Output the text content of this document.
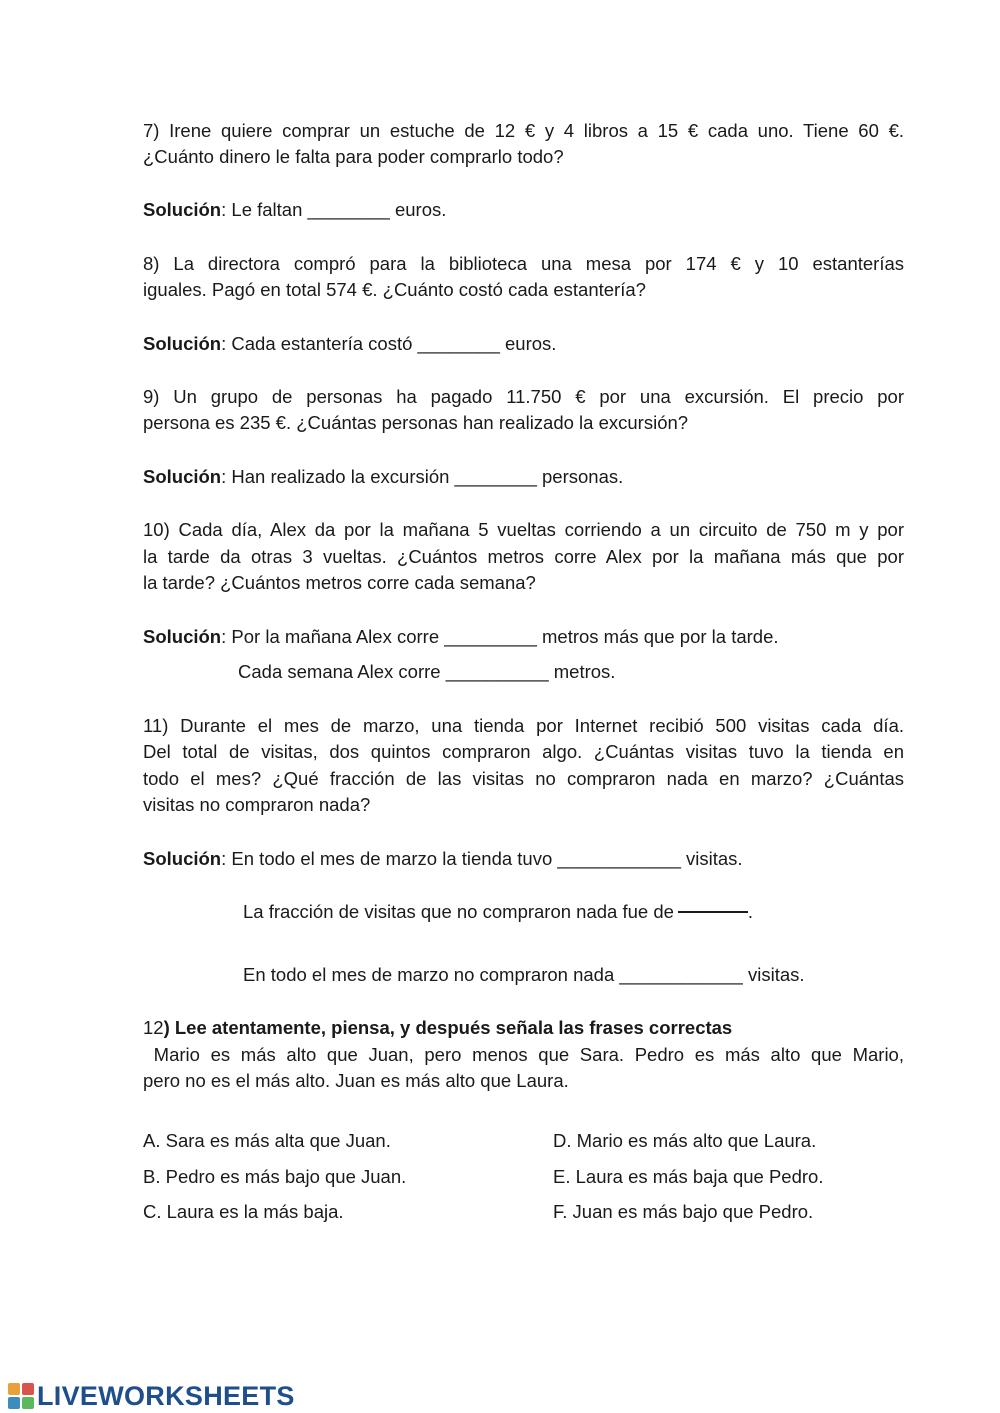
7) Irene quiere comprar un estuche de 12 € y 4 libros a 15 € cada uno. Tiene 60 €.
¿Cuánto dinero le falta para poder comprarlo todo?
Solución: Le faltan ________ euros.
8) La directora compró para la biblioteca una mesa por 174 € y 10 estanterías
iguales. Pagó en total 574 €. ¿Cuánto costó cada estantería?
Solución: Cada estantería costó ________ euros.
9) Un grupo de personas ha pagado 11.750 € por una excursión. El precio por
persona es 235 €. ¿Cuántas personas han realizado la excursión?
Solución: Han realizado la excursión ________ personas.
10) Cada día, Alex da por la mañana 5 vueltas corriendo a un circuito de 750 m y por
la tarde da otras 3 vueltas. ¿Cuántos metros corre Alex por la mañana más que por
la tarde? ¿Cuántos metros corre cada semana?
Solución: Por la mañana Alex corre _________ metros más que por la tarde.
Cada semana Alex corre __________ metros.
11) Durante el mes de marzo, una tienda por Internet recibió 500 visitas cada día.
Del total de visitas, dos quintos compraron algo. ¿Cuántas visitas tuvo la tienda en
todo el mes? ¿Qué fracción de las visitas no compraron nada en marzo? ¿Cuántas
visitas no compraron nada?
Solución: En todo el mes de marzo la tienda tuvo ____________ visitas.
La fracción de visitas que no compraron nada fue de	.
En todo el mes de marzo no compraron nada ____________ visitas.
12) Lee atentamente, piensa, y después señala las frases correctas
Mario es más alto que Juan, pero menos que Sara. Pedro es más alto que Mario,
pero no es el más alto. Juan es más alto que Laura.
A. Sara es más alta que Juan.
B. Pedro es más bajo que Juan.
C. Laura es la más baja.
D. Mario es más alto que Laura.
E. Laura es más baja que Pedro.
F. Juan es más bajo que Pedro.
LIVEWORKSHEETS
